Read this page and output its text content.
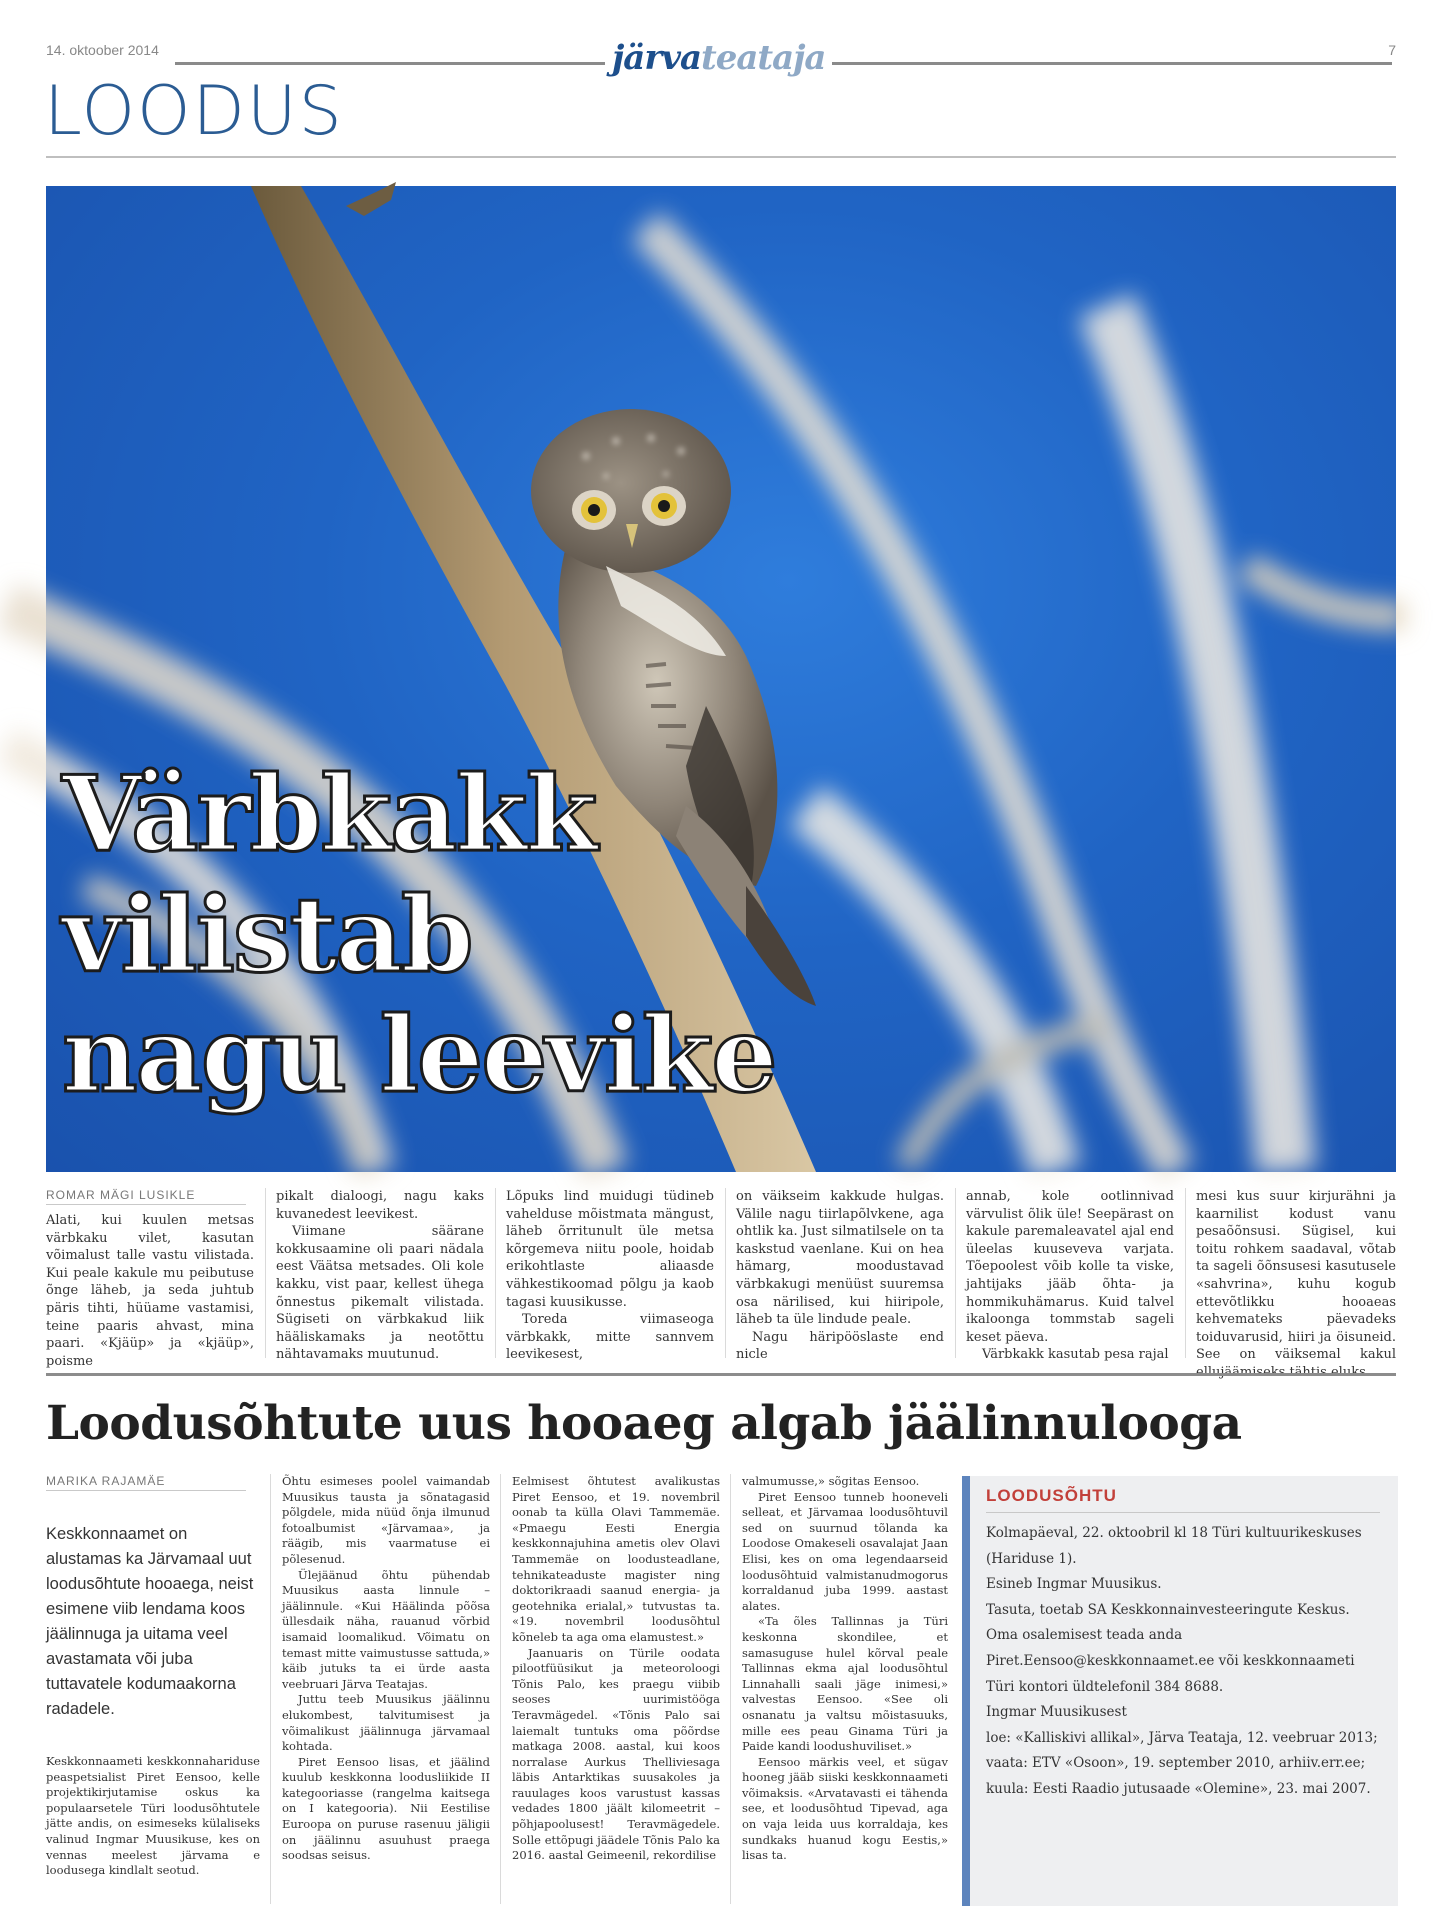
14. oktoober 2014	järvateataja	7
LOODUS
Värbkakk
vilistab
nagu leevike
ROMAR MÄGI LUSIKLE

Alati, kui kuulen metsas värbkaku vilet, kasutan võimalust talle vastu vilistada. Kui peale kakule mu peibutuse õnge läheb, ja seda juhtub päris tihti, hüüame vastamisi, teine paaris ahvast, mina paari. «Kjäüp» ja «kjäüp», poisme

pikalt dialoogi, nagu kaks kuvanedest leevikest.

Viimane säärane kokkusaamine oli paari nädala eest Väätsa metsades. Oli kole kakku, vist paar, kellest ühega õnnestus pikemalt vilistada. Sügiseti on värbkakud liik hääliskamaks ja neotõttu nähtavamaks muutunud.

Lõpuks lind muidugi tüdineb vahelduse mõistmata mängust, läheb õrritunult üle metsa kõrgemeva niitu poole, hoidab erikohtlaste aliaasde vähkestikoomad põlgu ja kaob tagasi kuusikusse.

Toreda viimaseoga värbkakk, mitte sannvem leevikesest,

on väikseim kakkude hulgas. Välile nagu tiirlapõlvkene, aga ohtlik ka. Just silmatilsele on ta kaskstud vaenlane. Kui on hea hämarg, moodustavad värbkakugi menüüst suuremsa osa närilised, kui hiiripole, läheb ta üle lindude peale.

Nagu häripööslaste end nicle

annab, kole ootlinnivad värvulist õlik üle! Seepärast on kakule paremaleavatel ajal end üleelas kuuseveva varjata. Tõepoolest võib kolle ta viske, jahtijaks jääb õhta- ja hommikuhämarus. Kuid talvel ikaloonga tommstab sageli keset päeva.

Värbkakk kasutab pesa rajal

mesi kus suur kirjurähni ja kaarnilist kodust vanu pesaõõnsusi. Sügisel, kui toitu rohkem saadaval, võtab ta sageli õõnsusesi kasutusele «sahvrina», kuhu kogub ettevõtlikku hooaeas kehvemateks päevadeks toiduvarusid, hiiri ja öisuneid. See on väiksemal kakul

Loodusõhtute uus hooaeg algab jäälinnulooga
MARIKA RAJAMÄE
Keskkonnaamet on alustamas ka Järvamaal uut loodusõhtute hooaega, neist esimene viib lendama koos jäälinnuga ja uitama veel avastamata või juba tuttavatele kodumaakorna radadele.

Keskkonnaameti keskkonnahariduse peaspetsialist Piret Eensoo, kelle projektikirjutamise oskus ka populaarsetele Türi loodusõhtutele jätte andis, on esimeseks külaliseks valinud Ingmar Muusikuse, kes on vennas meelest järvama e loodusega kindlalt seotud.

Õhtu esimeses poolel vaimandab Muusikus tausta ja sõnatagasid põlgdele, mida nüüd õnja ilmunud fotoalbumist «Järvamaa», ja räägib, mis vaarmatuse ei põlesenud.

Ülejäänud õhtu pühendab Muusikus aasta linnule – jäälinnule. «Kui Häälinda põõsa üllesdaik näha, rauanud võrbid isamaid loomalikud. Võimatu on temast mitte vaimustusse sattuda,» käib jutuks ta ei ürde aasta veebruari Järva Teatajas.

Juttu teeb Muusikus jäälinnu elukombest, talvitumisest ja võimalikust jäälinnuga järvamaal kohtada.

Piret Eensoo lisas, et jäälind kuulub keskkonna loodusliikide II kategooriasse (rangelma kaitsega on I kategooria). Nii Eestilise Euroopa on puruse rasenuu jäligii on jäälinnu asuuhust praega soodsas seisus.

Eelmisest õhtutest avalikustas Piret Eensoo, et 19. novembril oonab ta külla Olavi Tammemäe. «Pmaegu Eesti Energia keskkonnajuhina ametis olev Olavi Tammemäe on loodusteadlane, tehnikateaduste magister ning doktorikraadi saanud energia- ja geotehnika erialal,» tutvustas ta. «19. novembril loodusõhtul kõneleb ta aga oma elamustest.»

Jaanuaris on Türile oodata pilootfüüsikut ja meteoroloogi Tõnis Palo, kes praegu viibib seoses uurimistööga Teravmägedel. «Tõnis Palo sai laiemalt tuntuks oma põõrdse matkaga 2008. aastal, kui koos norralase Aurkus Thelliviesaga läbis Antarktikas suusakoles ja rauulages koos varustust kassas vedades 1800 jäält kilomeetrit – põhjapoolusest! Teravmägedele. Solle ettõpugi jäädele Tõnis Palo ka 2016. aastal Geimeenil, rekordilise

valmumusse,» sõgitas Eensoo.

Piret Eensoo tunneb hooneveli selleat, et Järvamaa loodusõhtuvil sed on suurnud tõlanda ka Loodose Omakeseli osavalajat Jaan Elisi, kes on oma legendaarseid loodusõhtuid valmistanudmogorus korraldanud juba 1999. aastast alates.

«Ta õles Tallinnas ja Türi keskonna skondilee, et samasuguse hulel kõrval peale Tallinnas ekma ajal loodusõhtul Linnahalli saali jäge inimesi,» valvestas Eensoo. «See oli osnanatu ja valtsu mõistasuuks, mille ees peau Ginama Türi ja Paide kandi loodushuviliset.»

Eensoo märkis veel, et sügav hooneg jääb siiski keskkonnaameti võimaksis. «Arvatavasti ei tähenda see, et loodusõhtud Tipevad, aga on vaja leida uus korraldaja, kes sundkaks huanud kogu Eestis,» lisas ta.

LOODUSÕHTU

Kolmapäeval, 22. oktoobril kl 18 Türi kultuurikeskuses (Hariduse 1).

Esineb Ingmar Muusikus.

Tasuta, toetab SA Keskkonnainvesteeringute Keskus.

Oma osalemisest teada anda Piret.Eensoo@keskkonnaamet.ee või keskkonnaameti Türi kontori üldtelefonil 384 8688.

Ingmar Muusikusest

loe: «Kalliskivi allikal», Järva Teataja, 12. veebruar 2013;

vaata: ETV «Osoon», 19. september 2010, arhiiv.err.ee;

kuula: Eesti Raadio jutusaade «Olemine», 23. mai 2007.
